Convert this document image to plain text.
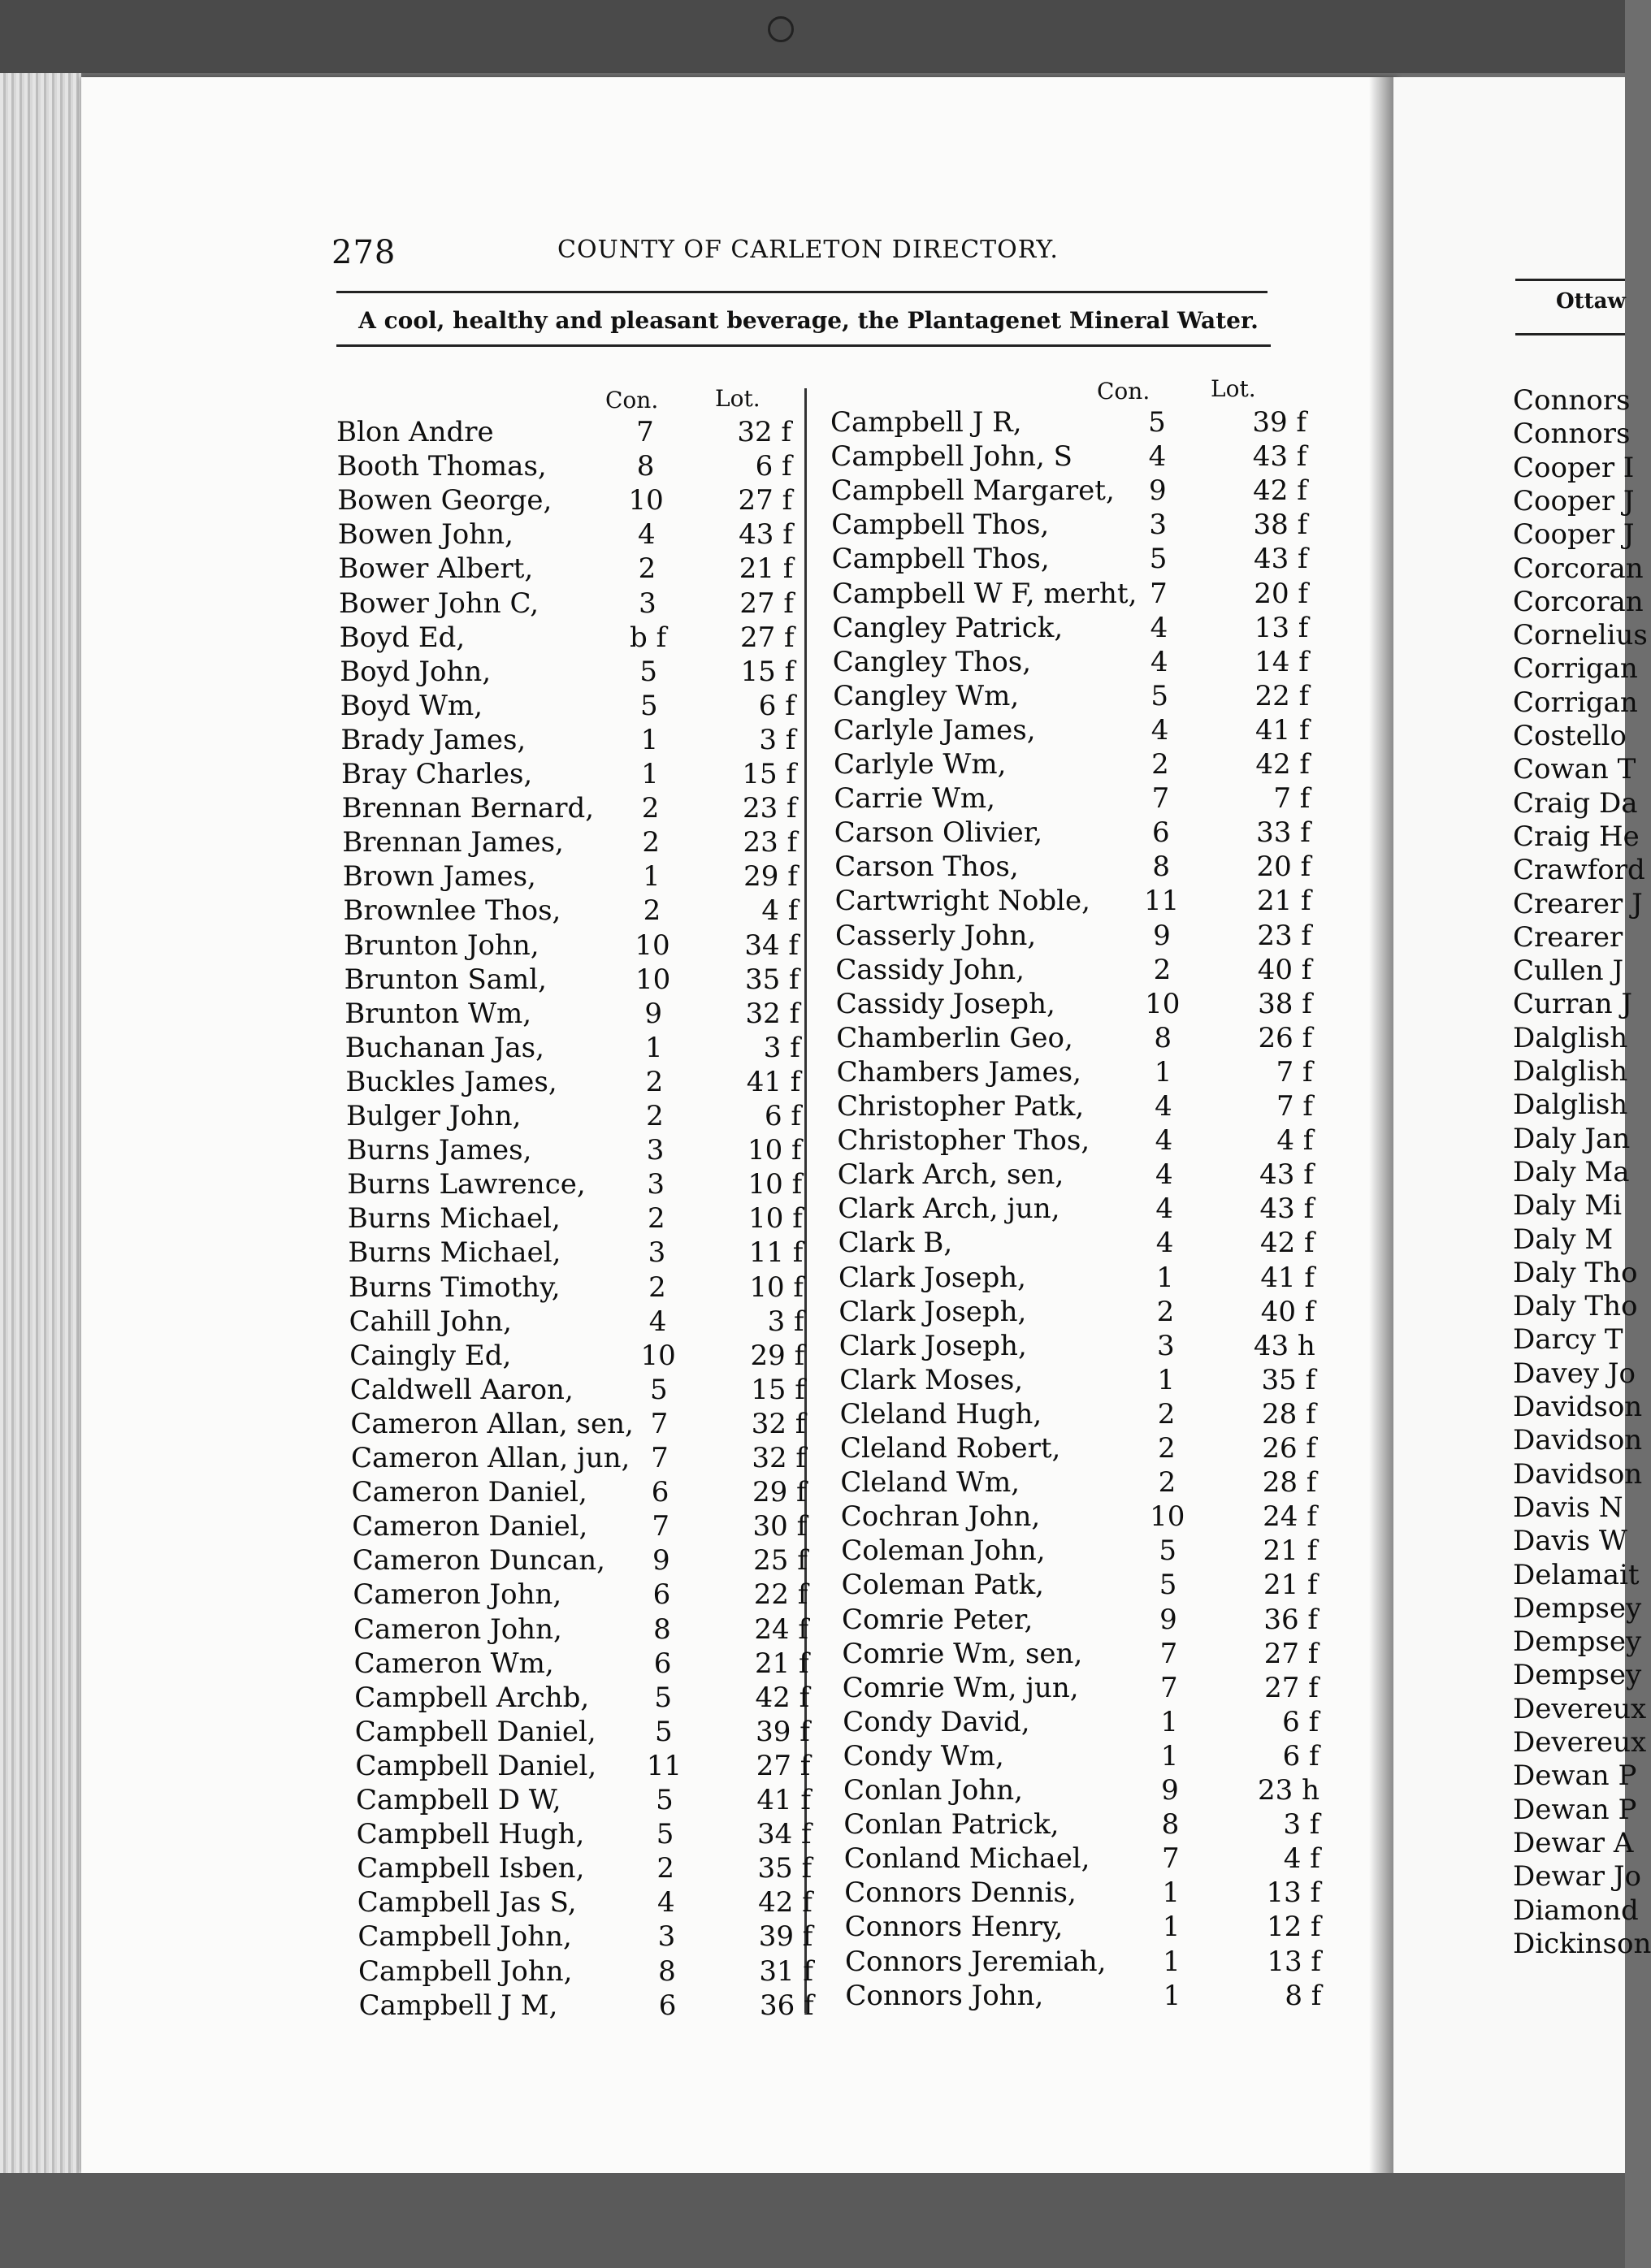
278	COUNTY OF CARLETON DIRECTORY.
A cool, healthy and pleasant beverage, the Plantagenet Mineral Water.
Con. Lot.	Con.	Lot.
Blon Andre	7	32 f
Booth Thomas,	8	6 f
Bowen George,	10	27 f
Bowen John,	4	43 f
Bower Albert,	2	21 f
Bower John C,	3	27 f
Boyd Ed,	b f	27 f
Boyd John,	5	15 f
Boyd Wm,	5	6 f
Brady James,	1	3 f
Bray Charles,	1	15 f
Brennan Bernard,	2	23 f
Brennan James,	2	23 f
Brown James,	1	29 f
Brownlee Thos,	2	4 f
Brunton John,	10	34 f
Brunton Saml,	10	35 f
Brunton Wm,	9	32 f
Buchanan Jas,	1	3 f
Buckles James,	2	41 f
Bulger John,	2	6 f
Burns James,	3	10 f
Burns Lawrence,	3	10 f
Burns Michael,	2	10 f
Burns Michael,	3	11 f
Burns Timothy,	2	10 f
Cahill John,	4	3 f
Caingly Ed,	10	29 f
Caldwell Aaron,	5	15 f
Cameron Allan, sen, 7	32 f
Cameron Allan, jun, 7	32 f
Cameron Daniel,	6	29 f
Cameron Daniel,	7	30 f
Cameron Duncan,	9	25 f
Cameron John,	6	22 f
Cameron John,	8	24 f
Cameron Wm,	6	21 f
Campbell Archb,	5	42 f
Campbell Daniel,	5	39 f
Campbell Daniel,	11	27 f
Campbell D W,	5	41 f
Campbell Hugh,	5	34 f
Campbell Isben,	2	35 f
Campbell Jas S,	4	42 f
Campbell John,	3	39 f
Campbell John,	8	31 f
Campbell J M,	6	36 f
Campbell J R,	5	39 f
Campbell John, S	4	43 f
Campbell Margaret,	9	42 f
Campbell Thos,	3	38 f
Campbell Thos,	5	43 f
Campbell W F, merht, 7	20 f
Cangley Patrick,	4	13 f
Cangley Thos,	4	14 f
Cangley Wm,	5	22 f
Carlyle James,	4	41 f
Carlyle Wm,	2	42 f
Carrie Wm,	7	7 f
Carson Olivier,	6	33 f
Carson Thos,	8	20 f
Cartwright Noble,	11	21 f
Casserly John,	9	23 f
Cassidy John,	2	40 f
Cassidy Joseph,	10	38 f
Chamberlin Geo,	8	26 f
Chambers James,	1	7 f
Christopher Patk,	4	7 f
Christopher Thos,	4	4 f
Clark Arch, sen,	4	43 f
Clark Arch, jun,	4	43 f
Clark B,	4	42 f
Clark Joseph,	1	41 f
Clark Joseph,	2	40 f
Clark Joseph,	3	43 h
Clark Moses,	1	35 f
Cleland Hugh,	2	28 f
Cleland Robert,	2	26 f
Cleland Wm,	2	28 f
Cochran John,	10	24 f
Coleman John,	5	21 f
Coleman Patk,	5	21 f
Comrie Peter,	9	36 f
Comrie Wm, sen,	7	27 f
Comrie Wm, jun,	7	27 f
Condy David,	1	6 f
Condy Wm,	1	6 f
Conlan John,	9	23 h
Conlan Patrick,	8	3 f
Conland Michael,	7	4 f
Connors Dennis,	1	13 f
Connors Henry,	1	12 f
Connors Jeremiah,	1	13 f
Connors John,	1	8 f
Ottaw
Connors
Connors
Cooper I
Cooper J
Cooper J
Corcoran
Corcoran
Cornelius
Corrigan
Corrigan
Costello
Cowan T
Craig Da
Craig He
Crawford
Crearer J
Crearer
Cullen J
Curran J
Dalglish
Dalglish
Dalglish
Daly Jan
Daly Ma
Daly Mi
Daly M
Daly Tho
Daly Tho
Darcy T
Davey Jo
Davidson
Davidson
Davidson
Davis N
Davis W
Delamait
Dempsey
Dempsey
Dempsey
Devereux
Devereux
Dewan P
Dewan P
Dewar A
Dewar Jo
Diamond
Dickinson
